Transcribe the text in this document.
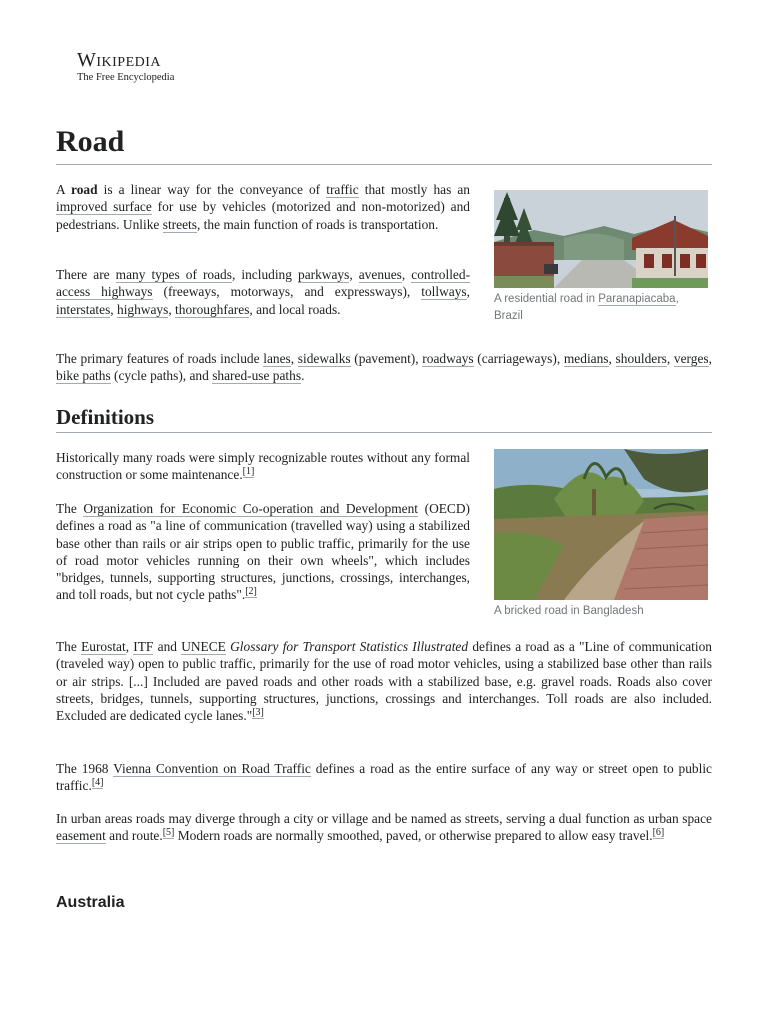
Wikipedia
The Free Encyclopedia
Road
A residential road in Paranapiacaba, Brazil

A road is a linear way for the conveyance of traffic that mostly has an improved surface for use by vehicles (motorized and non-motorized) and pedestrians. Unlike streets, the main function of roads is transportation.

There are many types of roads, including parkways, avenues, controlled-access highways (freeways, motorways, and expressways), tollways, interstates, highways, thoroughfares, and local roads.

The primary features of roads include lanes, sidewalks (pavement), roadways (carriageways), medians, shoulders, verges, bike paths (cycle paths), and shared-use paths.

Definitions
A bricked road in Bangladesh

Historically many roads were simply recognizable routes without any formal construction or some maintenance.[1]

The Organization for Economic Co-operation and Development (OECD) defines a road as "a line of communication (travelled way) using a stabilized base other than rails or air strips open to public traffic, primarily for the use of road motor vehicles running on their own wheels", which includes "bridges, tunnels, supporting structures, junctions, crossings, interchanges, and toll roads, but not cycle paths".[2]

The Eurostat, ITF and UNECE Glossary for Transport Statistics Illustrated defines a road as a "Line of communication (traveled way) open to public traffic, primarily for the use of road motor vehicles, using a stabilized base other than rails or air strips. [...] Included are paved roads and other roads with a stabilized base, e.g. gravel roads. Roads also cover streets, bridges, tunnels, supporting structures, junctions, crossings and interchanges. Toll roads are also included. Excluded are dedicated cycle lanes."[3]

The 1968 Vienna Convention on Road Traffic defines a road as the entire surface of any way or street open to public traffic.[4]

In urban areas roads may diverge through a city or village and be named as streets, serving a dual function as urban space easement and route.[5] Modern roads are normally smoothed, paved, or otherwise prepared to allow easy travel.[6]

Australia
